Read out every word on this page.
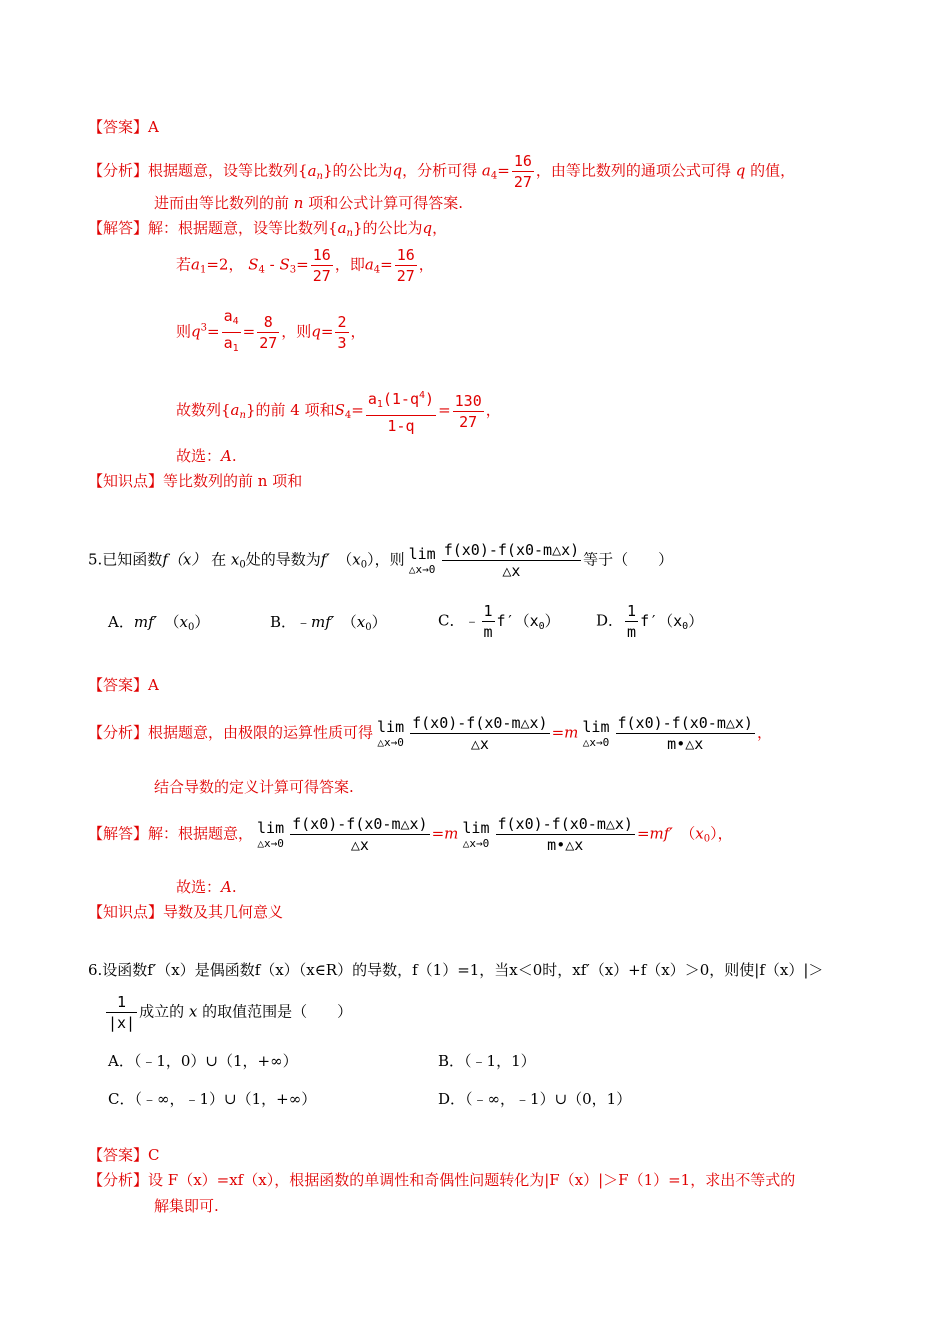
【答案】A
【分析】根据题意，设等比数列$\{a_n\}$的公比为q，分析可得 $a_4= \frac{16}{27}$ ，由等比数列的通项公式可得 q 的值，
进而由等比数列的前 n 项和公式计算可得答案.
【解答】解：根据题意，设等比数列$\{a_n\}$的公比为q，
若$a_1=2$， $S_4 - S_3= \frac{16}{27}$ ，即$a_4= \frac{16}{27}$ ，
则$q^3= \frac{a_4}{a_1} = \frac{8}{27}$ ，则$q= \frac{2}{3}$ ，
故数列$\{a_n\}$的前 4 项和$S_4= \frac{a_1(1-q^4)}{1-q} = \frac{130}{27}$ ，
故选：A.
【知识点】等比数列的前 n 项和
5.已知函数f（x） 在 $x_0$处的导数为f′　$(x_0)$，则 lim
△x→0 $\frac{f(x0)-f(x0-m\triangle x)}{\triangle x}$ 等于（　　）
A．mf′　$(x_0)$	B．﹣mf′　$(x_0)$	C．﹣ $\frac{1}{m} f'(x_0)$ D． $\frac{1}{m} f'(x_0)$
【答案】A
【分析】根据题意，由极限的运算性质可得 lim
△x→0 $\frac{f(x0)-f(x0-m\triangle x)}{\triangle x} =m$ lim
△x→0 $\frac{f(x0)-f(x0-m\triangle x)}{m•\triangle x}$ ，
结合导数的定义计算可得答案.
【解答】解：根据题意， lim
△x→0 $\frac{f(x0)-f(x0-m\triangle x)}{\triangle x} =m$ lim
△x→0 $\frac{f(x0)-f(x0-m\triangle x)}{m•\triangle x} =mf'$　$(x_0)$，
故选：A.
【知识点】导数及其几何意义
6.设函数f′（x）是偶函数f（x）（x∈R）的导数，f（1）=1，当x＜0时，xf′（x）+f（x）＞0，则使|f（x）|＞
$\frac{1}{|x|}$ 成立的 x 的取值范围是（　　）
A．（﹣1，0）∪（1，+∞）	B．（﹣1，1）
C．（﹣∞，﹣1）∪（1，+∞）	D．（﹣∞，﹣1）∪（0，1）
【答案】C
【分析】设 F（x）=xf（x），根据函数的单调性和奇偶性问题转化为|F（x）|＞F（1）=1，求出不等式的
解集即可.
